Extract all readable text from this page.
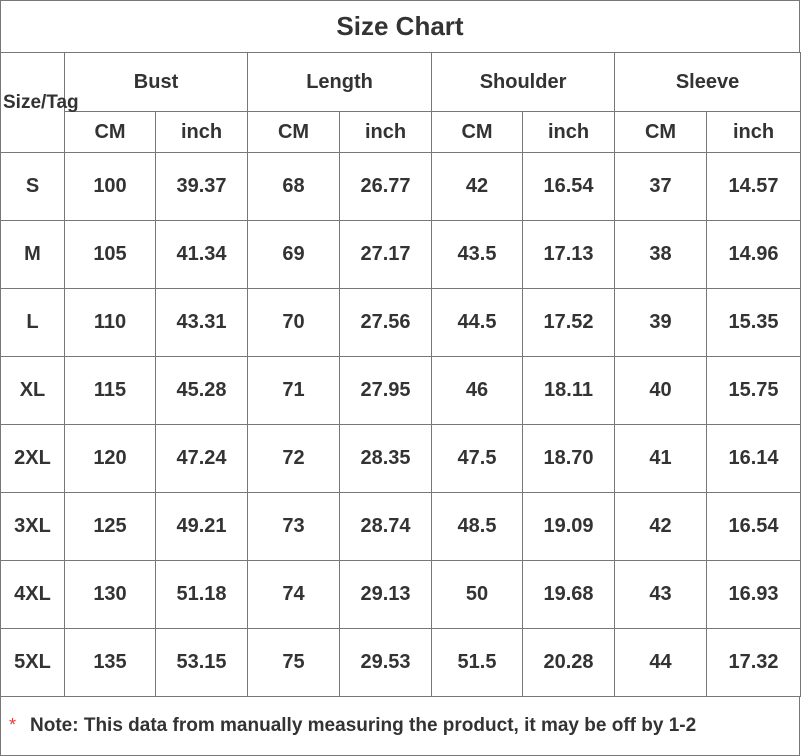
Size Chart
Size/Tag	Bust		Length		Shoulder		Sleeve	
	CM	inch	CM	inch	CM	inch	CM	inch
S	100	39.37	68	26.77	42	16.54	37	14.57
M	105	41.34	69	27.17	43.5	17.13	38	14.96
L	110	43.31	70	27.56	44.5	17.52	39	15.35
XL	115	45.28	71	27.95	46	18.11	40	15.75
2XL	120	47.24	72	28.35	47.5	18.70	41	16.14
3XL	125	49.21	73	28.74	48.5	19.09	42	16.54
4XL	130	51.18	74	29.13	50	19.68	43	16.93
5XL	135	53.15	75	29.53	51.5	20.28	44	17.32
* Note: This data from manually measuring the product, it may be off by 1-2
